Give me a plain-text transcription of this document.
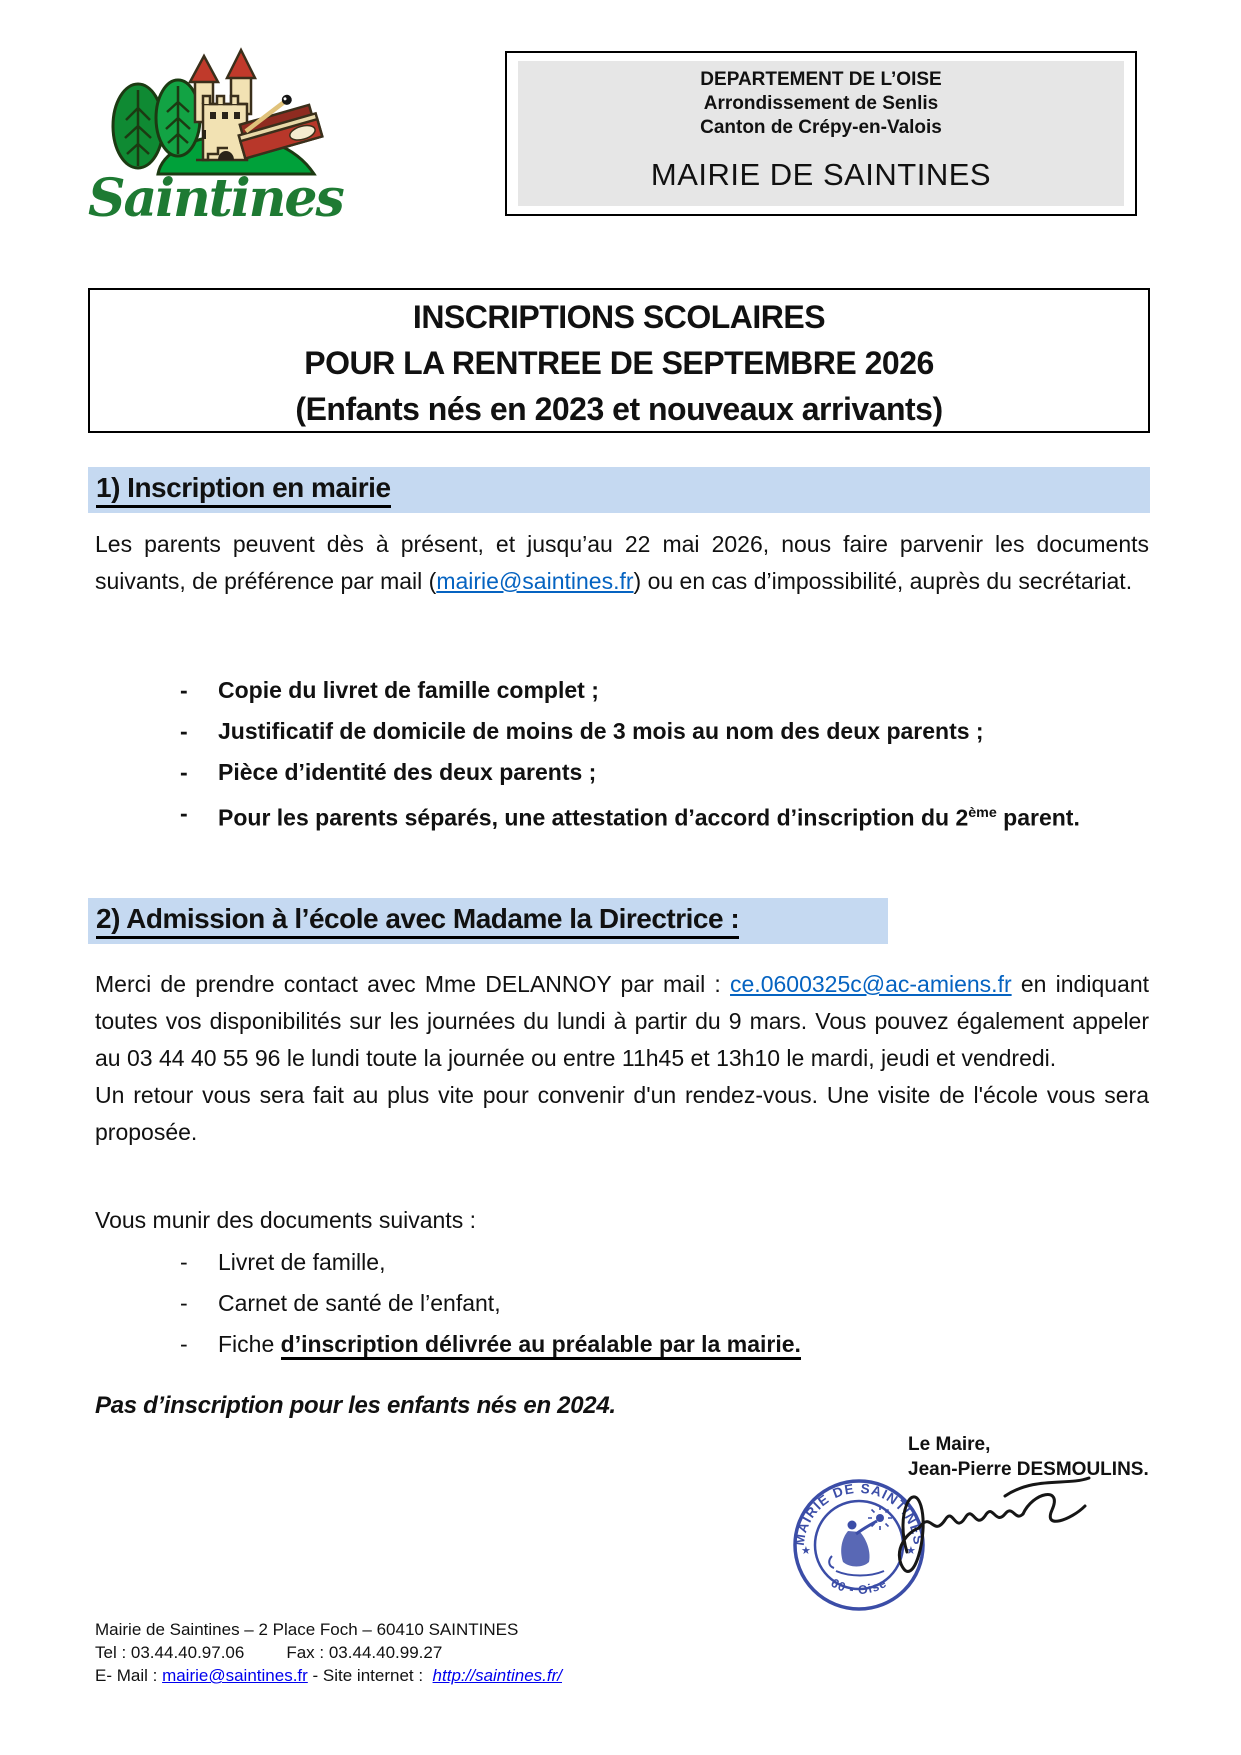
Saintines
DEPARTEMENT DE L’OISE
Arrondissement de Senlis
Canton de Crépy-en-Valois
MAIRIE DE SAINTINES
INSCRIPTIONS SCOLAIRES
POUR LA RENTREE DE SEPTEMBRE 2026
(Enfants nés en 2023 et nouveaux arrivants)
1) Inscription en mairie

Les parents peuvent dès à présent, et jusqu’au 22 mai 2026, nous faire parvenir les documents suivants, de préférence par mail (mairie@saintines.fr) ou en cas d’impossibilité, auprès du secrétariat.

-	Copie du livret de famille complet ;
-	Justificatif de domicile de moins de 3 mois au nom des deux parents ;
-	Pièce d’identité des deux parents ;
-	Pour les parents séparés, une attestation d’accord d’inscription du 2ème parent.
2) Admission à l’école avec Madame la Directrice :

Merci de prendre contact avec Mme DELANNOY par mail : ce.0600325c@ac-amiens.fr en indiquant toutes vos disponibilités sur les journées du lundi à partir du 9 mars. Vous pouvez également appeler au 03 44 40 55 96 le lundi toute la journée ou entre 11h45 et 13h10 le mardi, jeudi et vendredi.

Un retour vous sera fait au plus vite pour convenir d'un rendez-vous. Une visite de l'école vous sera proposée.

Vous munir des documents suivants :
-	Livret de famille,
-	Carnet de santé de l’enfant,
-	Fiche d’inscription délivrée au préalable par la mairie.
Pas d’inscription pour les enfants nés en 2024.
Le Maire,
Jean-Pierre DESMOULINS.
MAIRIE DE SAINTINES
60 - Oise
★	★
Mairie de Saintines – 2 Place Foch – 60410 SAINTINES
Tel : 03.44.40.97.06 Fax : 03.44.40.99.27
E- Mail : mairie@saintines.fr - Site internet :  http://saintines.fr/
